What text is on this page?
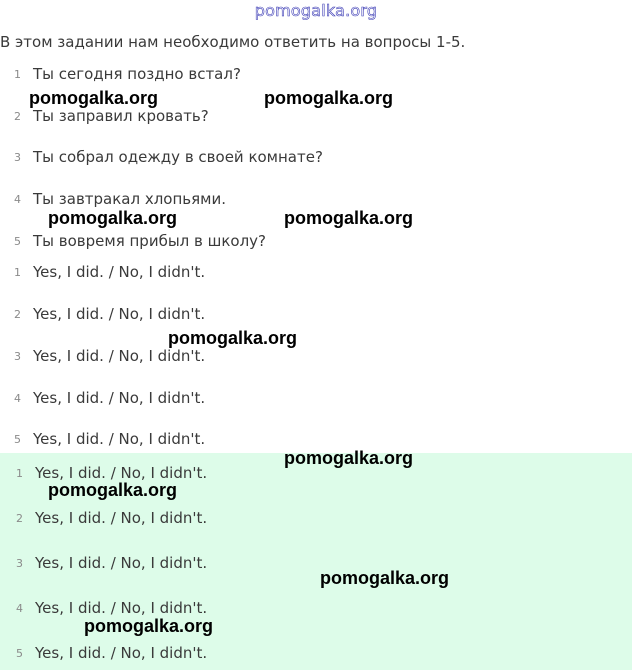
pomogalka.org
В этом задании нам необходимо ответить на вопросы 1-5.
1 Ты сегодня поздно встал?
2 Ты заправил кровать?
3 Ты собрал одежду в своей комнате?
4 Ты завтракал хлопьями.
5 Ты вовремя прибыл в школу?
1 Yes, I did. / No, I didn't.
2 Yes, I did. / No, I didn't.
3 Yes, I did. / No, I didn't.
4 Yes, I did. / No, I didn't.
5 Yes, I did. / No, I didn't.
1 Yes, I did. / No, I didn't.
2 Yes, I did. / No, I didn't.
3 Yes, I did. / No, I didn't.
4 Yes, I did. / No, I didn't.
5 Yes, I did. / No, I didn't.
pomogalka.org	pomogalka.org
pomogalka.org	pomogalka.org
pomogalka.org
pomogalka.org
pomogalka.org
pomogalka.org
pomogalka.org
